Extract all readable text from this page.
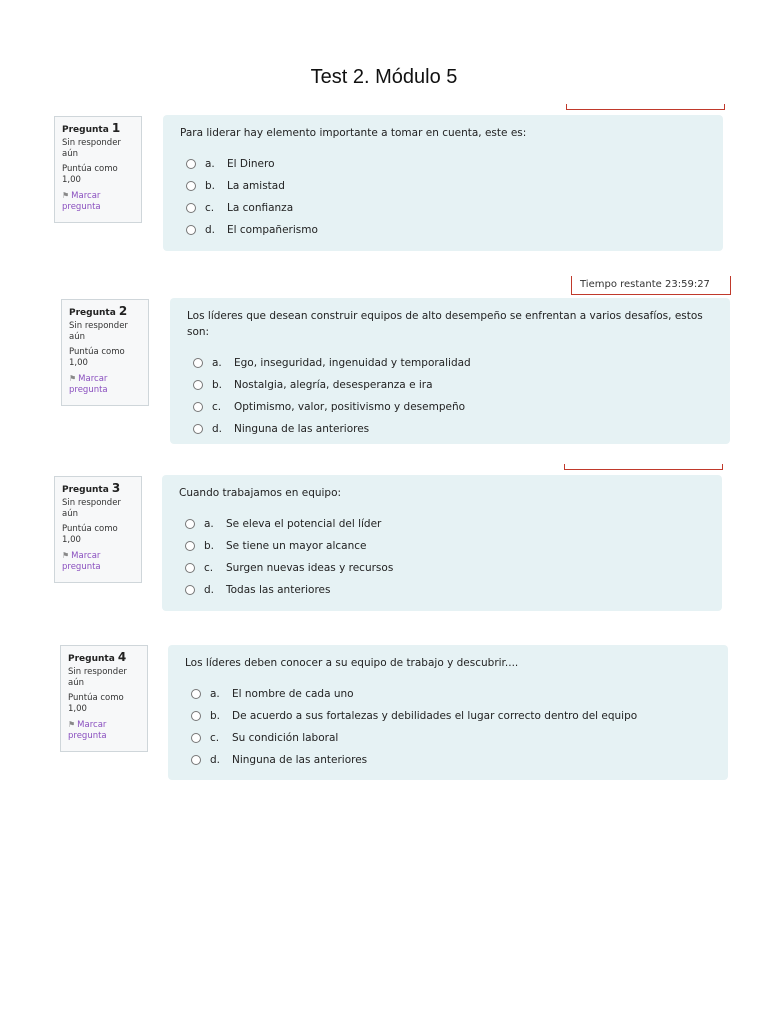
Test 2. Módulo 5
Tiempo restante 23:59:27
Pregunta 1
Sin responder aún
Puntúa como 1,00
⚑ Marcar pregunta
Para liderar hay elemento importante a tomar en cuenta, este es:
a.	El Dinero
b.	La amistad
c.	La confianza
d.	El compañerismo
Pregunta 2
Sin responder aún
Puntúa como 1,00
⚑ Marcar pregunta
Los líderes que desean construir equipos de alto desempeño se enfrentan a varios desafíos, estos son:
a.	Ego, inseguridad, ingenuidad y temporalidad
b.	Nostalgia, alegría, desesperanza e ira
c.	Optimismo, valor, positivismo y desempeño
d.	Ninguna de las anteriores
Pregunta 3
Sin responder aún
Puntúa como 1,00
⚑ Marcar pregunta
Cuando trabajamos en equipo:
a.	Se eleva el potencial del líder
b.	Se tiene un mayor alcance
c.	Surgen nuevas ideas y recursos
d.	Todas las anteriores
Pregunta 4
Sin responder aún
Puntúa como 1,00
⚑ Marcar pregunta
Los líderes deben conocer a su equipo de trabajo y descubrir....
a.	El nombre de cada uno
b.	De acuerdo a sus fortalezas y debilidades el lugar correcto dentro del equipo
c.	Su condición laboral
d.	Ninguna de las anteriores
